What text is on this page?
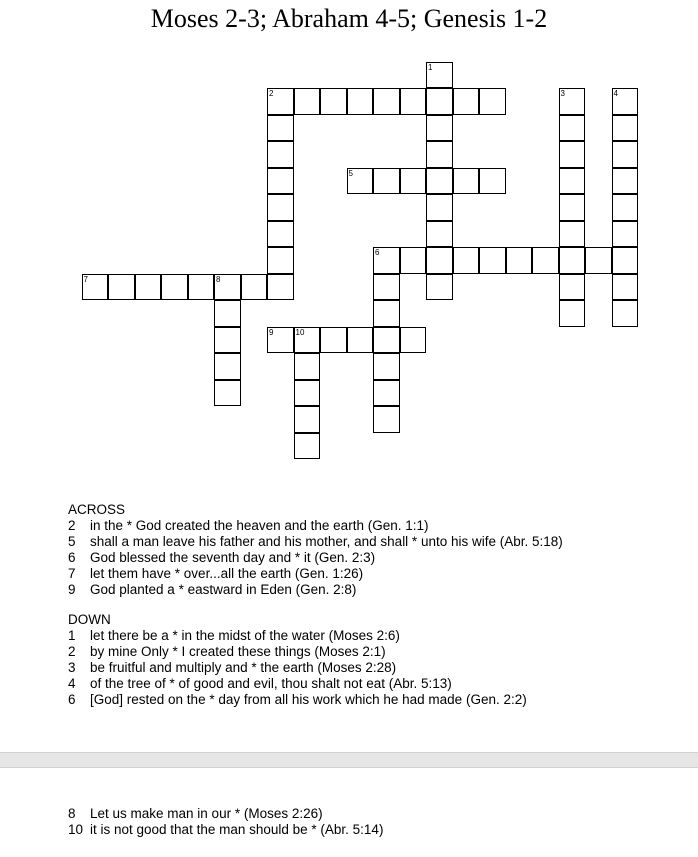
Moses 2-3; Abraham 4-5; Genesis 1-2
1
2	3	4
5
6
7	8
9	10
ACROSS
2	in the * God created the heaven and the earth (Gen. 1:1)
5	shall a man leave his father and his mother, and shall * unto his wife (Abr. 5:18)
6	God blessed the seventh day and * it (Gen. 2:3)
7	let them have * over...all the earth (Gen. 1:26)
9	God planted a * eastward in Eden (Gen. 2:8)
DOWN
1	let there be a * in the midst of the water (Moses 2:6)
2	by mine Only * I created these things (Moses 2:1)
3	be fruitful and multiply and * the earth (Moses 2:28)
4	of the tree of * of good and evil, thou shalt not eat (Abr. 5:13)
6	[God] rested on the * day from all his work which he had made (Gen. 2:2)
8	Let us make man in our * (Moses 2:26)
10 it is not good that the man should be * (Abr. 5:14)
